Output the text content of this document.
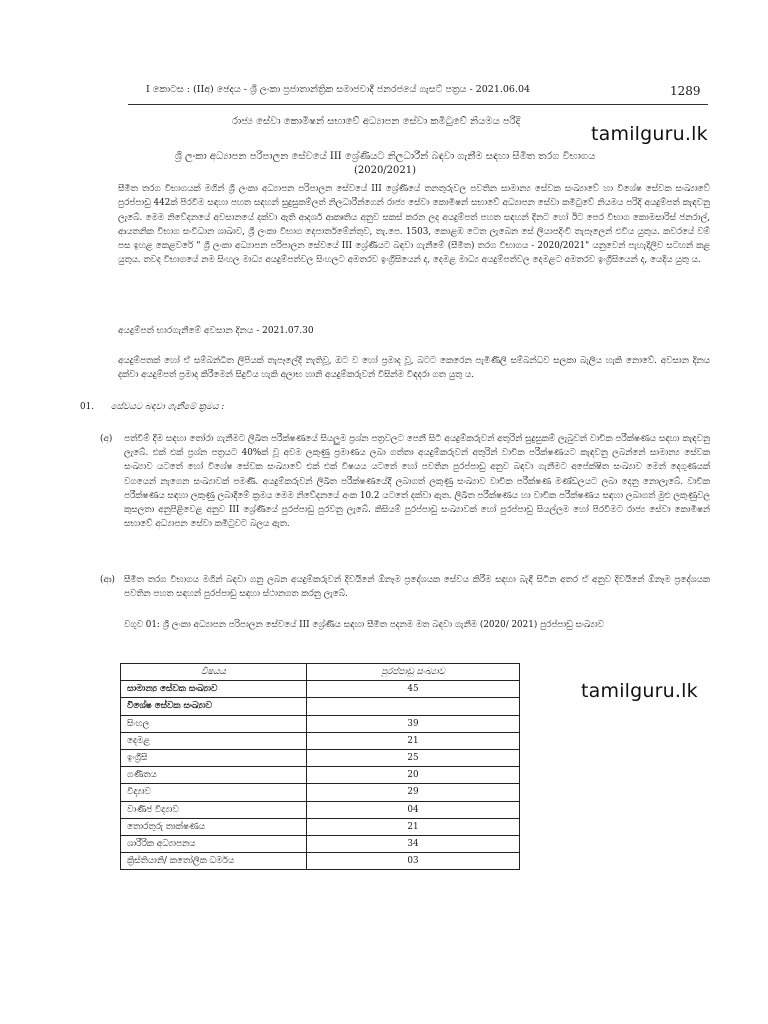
I කොටස : (IIඅ) ඡෙදය - ශ්‍රී ලංකා ප්‍රජාතාන්ත්‍රික සමාජවාදී ජනරජයේ ගැසට් පත්‍රය - 2021.06.04	1289
රාජ්‍ය සේවා කොමිෂන් සභාවේ අධ්‍යාපන සේවා කමිටුවේ නියමය පරිදි
tamilguru.lk
ශ්‍රී ලංකා අධ්‍යාපන පරිපාලන සේවයේ III ශ්‍රේණියට නිලධාරීන් බඳවා ගැනීම සඳහා සීමිත තරග විභාගය
(2020/2021)
සීමිත තරග විභාගයක් මගින් ශ්‍රී ලංකා අධ්‍යාපන පරිපාලන සේවයේ III ශ්‍රේණියේ තනතුරුවල පවතින සාමාන්‍ය සේවක සංඛ්‍යාවේ හා විශේෂ සේවක සංඛ්‍යාවේ පුරප්පාඩු 442ක් පිරවීම සඳහා පහත සඳහන් සුදුසුකම්ලත් නිලධාරීන්ගෙන් රාජ්‍ය සේවා කොමිෂන් සභාවේ අධ්‍යාපන සේවා කමිටුවේ නියමය පරිදි අයදුම්පත් කැඳවනු ලැබේ. මෙම නිවේදනයේ අවසානයේ දක්වා ඇති ආදර්ශ ආකෘතිය අනුව සකස් කරන ලද අයදුම්පත් පහත සඳහන් දිනට හෝ ඊට පෙර විභාග කොමසාරිස් ජනරාල්, ආයතනික විභාග සංවිධාන ශාඛාව, ශ්‍රී ලංකා විභාග දෙපාර්තමේන්තුව, තැ.පෙ. 1503, කොළඹ ටෙත ලැබෙන සේ ලියාපදිංචි තැපෑලෙන් එවිය යුතුය. කවරයේ වම් පස ඉහළ කෙළවරේ " ශ්‍රී ලංකා අධ්‍යාපන පරිපාලන සේවයේ III ශ්‍රේණියට බඳවා ගැනීමේ (සීමිත) තරග විභාගය - 2020/2021" යනුවෙන් පැහැදිලිව සටහන් කළ යුතුය. තවද විභාගයේ නම සිංහල මාධ්‍ය අයදුම්පත්වල සිංහලට අමතරව ඉංග්‍රීසියෙන් ද, දෙමළ මාධ්‍ය අයදුම්පත්වල දෙමළට අමතරව ඉංග්‍රීසියෙන් ද, යෙදිය යුතු ය.
අයදුම්පත් භාරගැනීමේ අවසාන දිනය - 2021.07.30
අයදුම්පතක් හෝ ඒ සම්බන්ධිත ලිපියක් තැපෑලේදී නැතිවූ, ඔට ව හෝ ප්‍රමාද වූ, බටට කෙරෙන පැමිණිලි සම්බන්ධව සලකා බැලිය හැකි නොවේ. අවසාන දිනය දක්වා අයදුම්පත් ප්‍රමාද කිරීමෙන් සිදුවිය හැකි අලාභ හානි අයදුම්කරුවන් විසින්ම විඳදරා ගත යුතු ය.
01. සේවයට බඳවා ගැනීමේ ක්‍රමය :
(අ) පත්වීම් දීම සඳහා තෝරා ගැනීමට ලිඛිත පරීක්ෂණයේ සියලුම ප්‍රශ්න පත්‍රවලට පෙනී සිටි අයදුම්කරුවන් අතුරින් සුදුසුකම් ලැබුවන් වාචික පරීක්ෂණය සඳහා කැඳවනු ලැබේ. එක් එක් ප්‍රශ්න පත්‍රයට 40%ක් වූ අවම ලකුණු ප්‍රමාණය ලබා ගත්තා අයදුම්කරුවන් අතුරින් වාචික පරීක්ෂණයට කැඳවනු ලබන්නේ සාමාන්‍ය සේවක සංඛ්‍යාව යටතේ හෝ විශේෂ සේවක සංඛ්‍යාවේ එක් එක් විෂයය යටතේ හෝ පවතින පුරප්පාඩු අනුව බඳවා ගැනීමට අපේක්ෂිත සංඛ්‍යාව මෙන් දෙගුණයක් වගයෙන් නැගෙන සංඛ්‍යාවක් පමණි. අයදුම්කරුවන් ලිඛිත පරීක්ෂණයේදී ලබාගත් ලකුණු සංඛ්‍යාව වාචික පරීක්ෂණ මණ්ඩලයට ලබා දෙනු නොලැබේ. වාචික පරීක්ෂණය සඳහා ලකුණු ලබාදීමේ ක්‍රමය මෙම නිවේදනයේ අංක 10.2 යටතේ දක්වා ඇත. ලිඛිත පරීක්ෂණය හා වාචික පරීක්ෂණය සඳහා ලබාගත් මුළු ලකුණුවල කුසලතා අනුපිළිවෙළ අනුව III ශ්‍රේණියේ පුරප්පාඩු පුරවනු ලැබේ. කිසියම් පුරප්පාඩු සංඛ්‍යාවක් හෝ පුරප්පාඩු සියල්ලම හෝ පිරවීමට රාජ්‍ය සේවා කොමිෂන් සභාවේ අධ්‍යාපන සේවා කමිටුවට බලය ඇත.
(ආ) සීමිත තරග විභාගය මගින් බඳවා ගනු ලබන අයදුම්කරුවන් දිවයිනේ ඕනෑම ප්‍රදේශයක සේවය කිරීම සඳහා බැඳී සිටින අතර ඒ අනුව දිවයිනේ ඕනෑම ප්‍රදේශයක පවතින පහත සඳහන් පුරප්පාඩු සඳහා ස්ථානගත කරනු ලැබේ.
වගුව 01: ශ්‍රී ලංකා අධ්‍යාපන පරිපාලන සේවයේ III ශ්‍රේණිය සඳහා සීමිත පදනම මත බඳවා ගැනීම (2020/ 2021) පුරප්පාඩු සංඛ්‍යාව
tamilguru.lk
විෂයය	පුරප්පාඩු සංඛ්‍යාව
සාමාන්‍ය සේවක සංඛ්‍යාව	45
විශේෂ සේවක සංඛ්‍යාව	
සිංහල	39
දෙමළ	21
ඉංග්‍රීසි	25
ගණිතය	20
විද්‍යාව	29
වාණිජ විද්‍යාව	04
තොරතුරු තාක්ෂණය	21
ශාරීරික අධ්‍යාපනය	34
ක්‍රිස්තියානි/ කතෝලික ධර්මය	03
